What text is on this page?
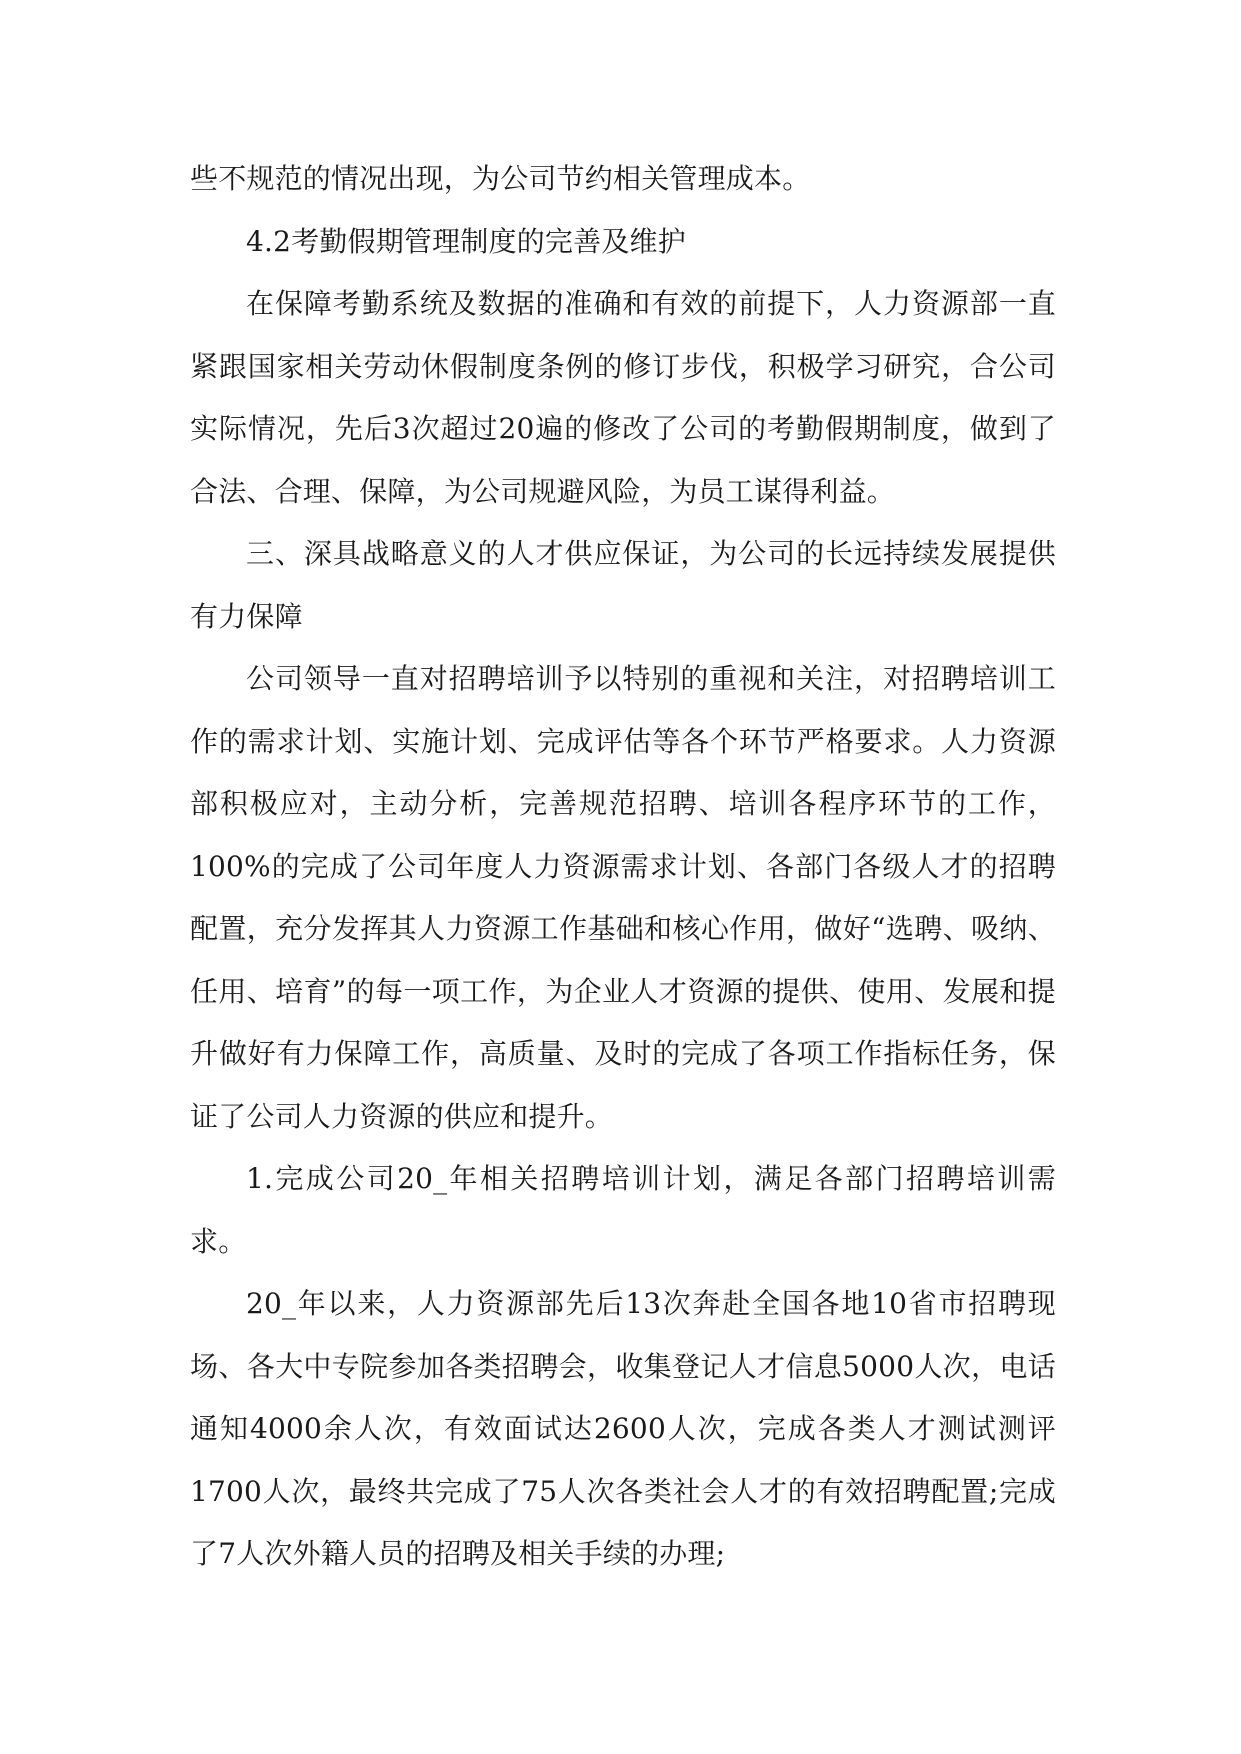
些不规范的情况出现，为公司节约相关管理成本。

4.2考勤假期管理制度的完善及维护

在保障考勤系统及数据的准确和有效的前提下，人力资源部一直紧跟国家相关劳动休假制度条例的修订步伐，积极学习研究，合公司实际情况，先后3次超过20遍的修改了公司的考勤假期制度，做到了合法、合理、保障，为公司规避风险，为员工谋得利益。

三、深具战略意义的人才供应保证，为公司的长远持续发展提供有力保障

公司领导一直对招聘培训予以特别的重视和关注，对招聘培训工作的需求计划、实施计划、完成评估等各个环节严格要求。人力资源部积极应对，主动分析，完善规范招聘、培训各程序环节的工作，100%的完成了公司年度人力资源需求计划、各部门各级人才的招聘配置，充分发挥其人力资源工作基础和核心作用，做好“选聘、吸纳、任用、培育”的每一项工作，为企业人才资源的提供、使用、发展和提升做好有力保障工作，高质量、及时的完成了各项工作指标任务，保证了公司人力资源的供应和提升。

1.完成公司20_年相关招聘培训计划，满足各部门招聘培训需求。

20_年以来，人力资源部先后13次奔赴全国各地10省市招聘现场、各大中专院参加各类招聘会，收集登记人才信息5000人次，电话通知4000余人次，有效面试达2600人次，完成各类人才测试测评1700人次，最终共完成了75人次各类社会人才的有效招聘配置;完成了7人次外籍人员的招聘及相关手续的办理;
